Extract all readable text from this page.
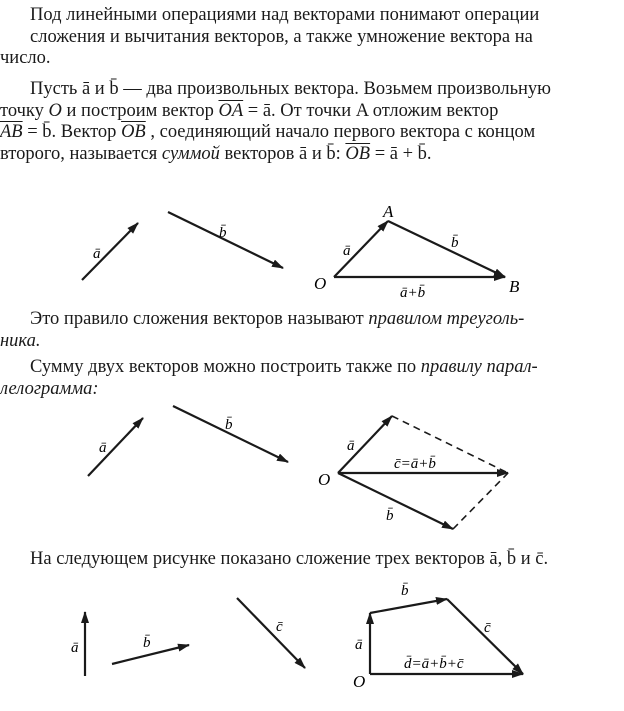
Под линейными операциями над векторами понимают операции
сложения и вычитания векторов, а также умножение вектора на
число.
Пусть ā и b̄ — два произвольных вектора. Возьмем произвольную
точку O и построим вектор $\overline{OA}$ = ā. От точки A отложим вектор
$\overline{AB}$ = b̄. Вектор $\overline{OB}$ , соединяющий начало первого вектора с концом
второго, называется суммой векторов ā и b̄: $\overline{OB}$ = ā + b̄.
ā
b̄
ā	b̄
ā+b̄
O
A
B
Это правило сложения векторов называют правилом треуголь-
ника.
Сумму двух векторов можно построить также по правилу парал-
лелограмма:
ā
b̄
ā
b̄
c̄=ā+b̄
O
На следующем рисунке показано сложение трех векторов ā, b̄ и c̄.
ā	b̄
c̄
ā
b̄
c̄
d̄=ā+b̄+c̄
O
